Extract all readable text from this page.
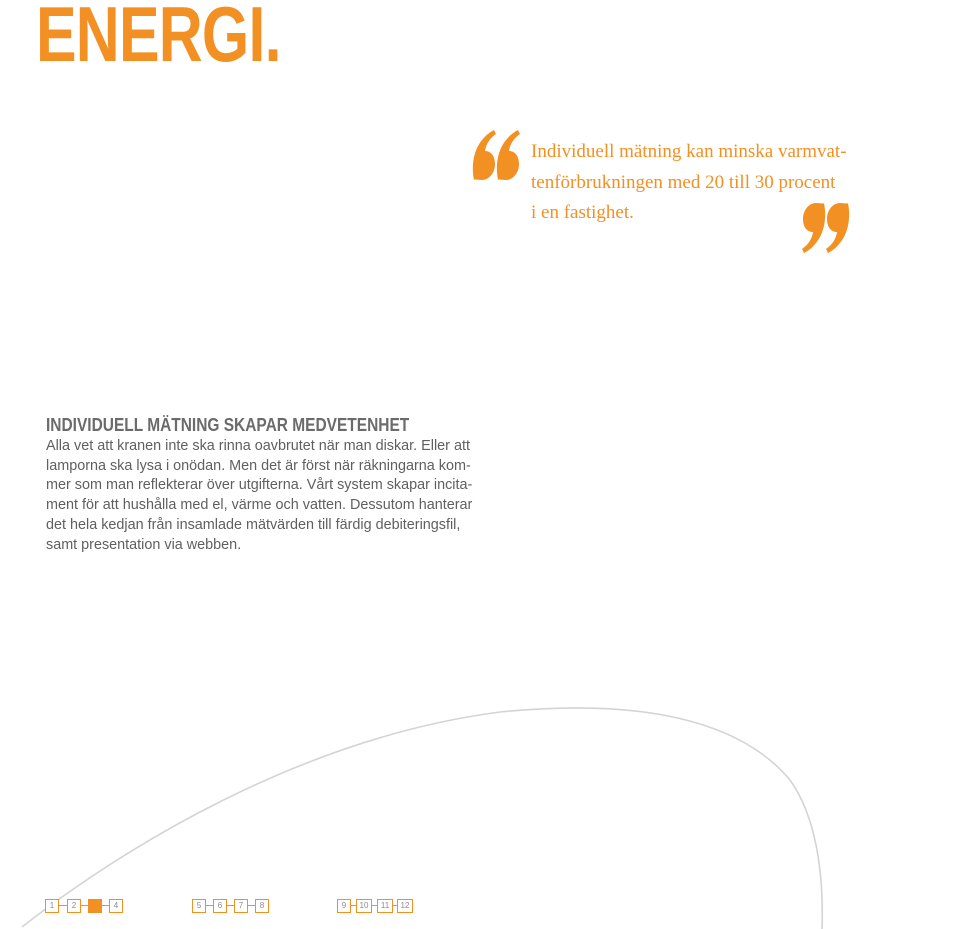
ENERGI.

Individuell mätning kan minska varmvat-
tenförbrukningen med 20 till 30 procent
i en fastighet.

INDIVIDUELL MÄTNING SKAPAR MEDVETENHET

Alla vet att kranen inte ska rinna oavbrutet när man diskar. Eller att
lamporna ska lysa i onödan. Men det är först när räkningarna kom-
mer som man reflekterar över utgifterna. Vårt system skapar incita-
ment för att hushålla med el, värme och vatten. Dessutom hanterar
det hela kedjan från insamlade mätvärden till färdig debiteringsfil,
samt presentation via webben.

1	2	3	4	5	6	7	8	9	10	11	12
